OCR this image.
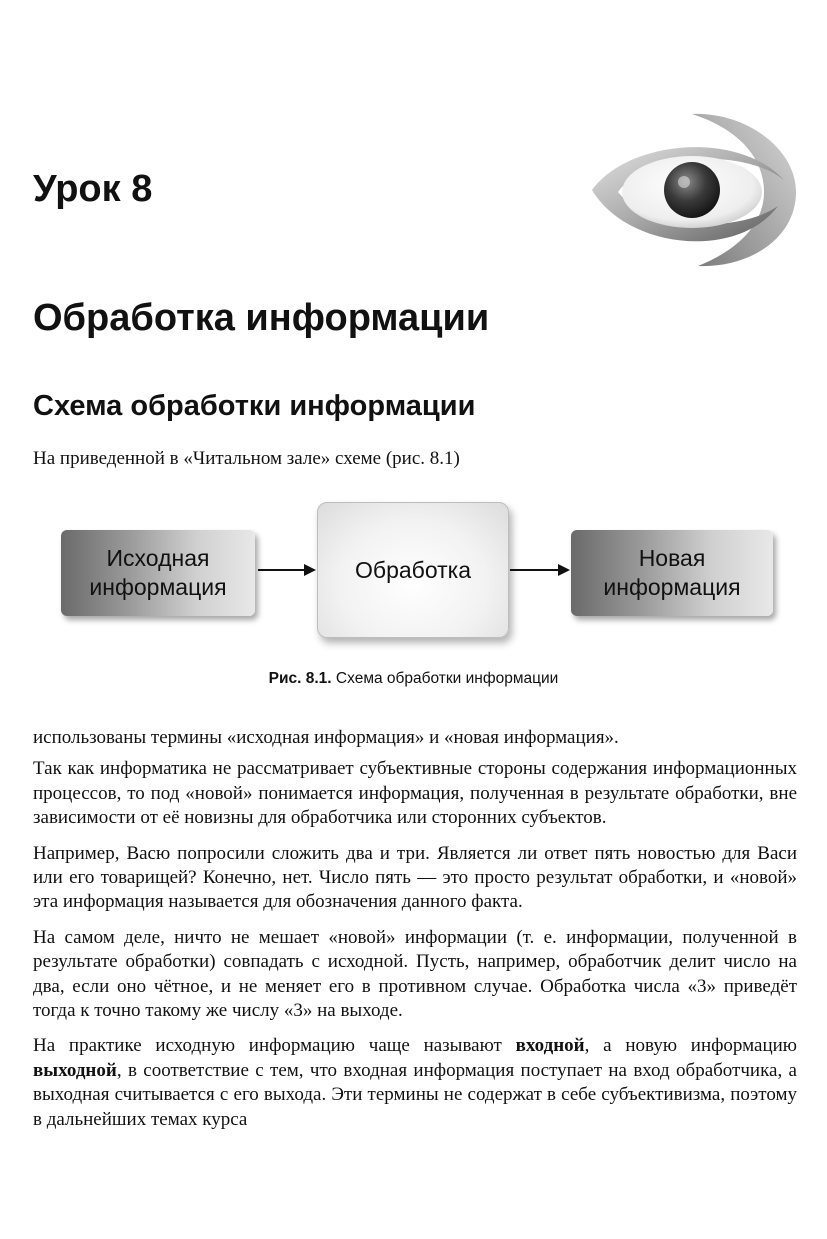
Урок 8
Обработка информации
Схема обработки информации

На приведенной в «Читальном зале» схеме (рис. 8.1)

Исходная
информация
Обработка	Новая
информация

Рис. 8.1. Схема обработки информации

использованы термины «исходная информация» и «новая информация».

Так как информатика не рассматривает субъективные стороны содержания информационных процессов, то под «новой» понимается информация, полученная в результате обработки, вне зависимости от её новизны для обработчика или сторонних субъектов.

Например, Васю попросили сложить два и три. Является ли ответ пять новостью для Васи или его товарищей? Конечно, нет. Число пять — это просто результат обработки, и «новой» эта информация называется для обозначения данного факта.

На самом деле, ничто не мешает «новой» информации (т. е. информации, полученной в результате обработки) совпадать с исходной. Пусть, например, обработчик делит число на два, если оно чётное, и не меняет его в противном случае. Обработка числа «3» приведёт тогда к точно такому же числу «3» на выходе.

На практике исходную информацию чаще называют входной, а новую информацию выходной, в соответствие с тем, что входная информация поступает на вход обработчика, а выходная считывается с его выхода. Эти термины не содержат в себе субъективизма, поэтому в дальнейших темах курса
